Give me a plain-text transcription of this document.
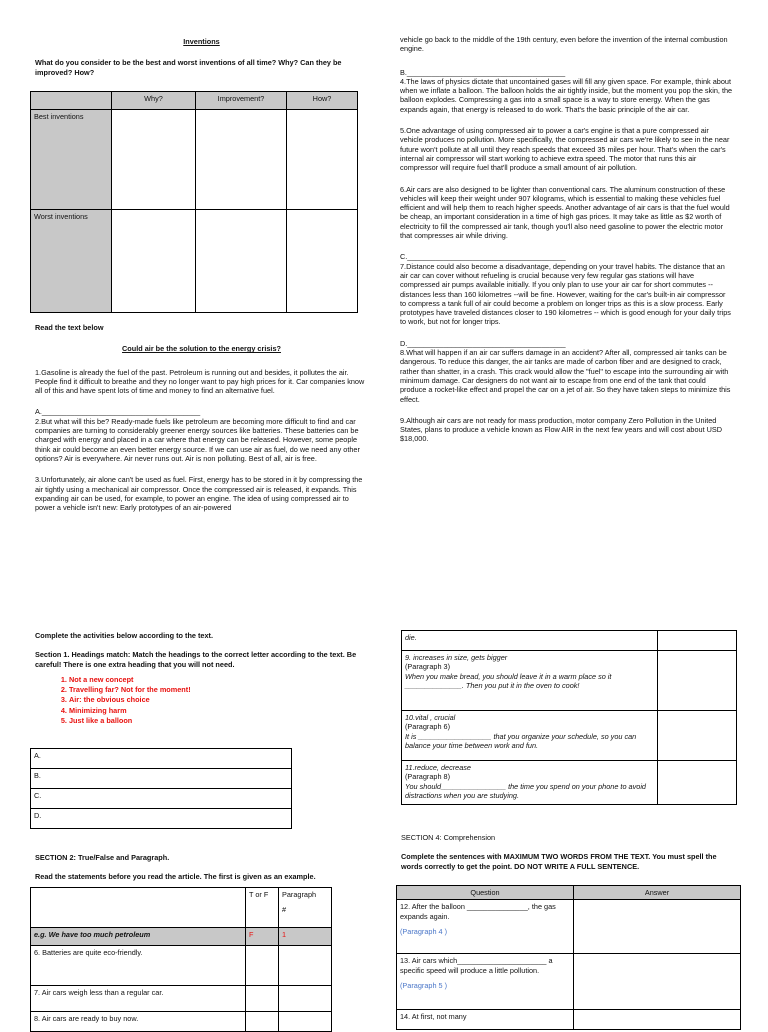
Inventions
What do you consider to be the best and worst inventions of all time? Why? Can they be improved? How?
	Why?	Improvement?	How?
Best inventions			
Worst inventions			
Read the text below
Could air be the solution to the energy crisis?

1.Gasoline is already the fuel of the past. Petroleum is running out and besides, it pollutes the air. People find it difficult to breathe and they no longer want to pay high prices for it. Car companies know all of this and have spent lots of time and money to find an alternative fuel.

A._______________________________________

2.But what will this be? Ready-made fuels like petroleum are becoming more difficult to find and car companies are turning to considerably greener energy sources like batteries. These batteries can be charged with energy and placed in a car where that energy can be released. However, some people think air could become an even better energy source. If we can use air as fuel, do we need any other options? Air is everywhere. Air never runs out. Air is non polluting. Best of all, air is free.

3.Unfortunately, air alone can't be used as fuel. First, energy has to be stored in it by compressing the air tightly using a mechanical air compressor. Once the compressed air is released, it expands. This expanding air can be used, for example, to power an engine. The idea of using compressed air to power a vehicle isn't new: Early prototypes of an air-powered

vehicle go back to the middle of the 19th century, even before the invention of the internal combustion engine.

B._______________________________________

4.The laws of physics dictate that uncontained gases will fill any given space. For example, think about when we inflate a balloon. The balloon holds the air tightly inside, but the moment you pop the skin, the balloon explodes. Compressing a gas into a small space is a way to store energy. When the gas expands again, that energy is released to do work. That's the basic principle of the air car.

5.One advantage of using compressed air to power a car's engine is that a pure compressed air vehicle produces no pollution. More specifically, the compressed air cars we're likely to see in the near future won't pollute at all until they reach speeds that exceed 35 miles per hour. That's when the car's internal air compressor will start working to achieve extra speed. The motor that runs this air compressor will require fuel that'll produce a small amount of air pollution.

6.Air cars are also designed to be lighter than conventional cars. The aluminum construction of these vehicles will keep their weight under 907 kilograms, which is essential to making these vehicles fuel efficient and will help them to reach higher speeds. Another advantage of air cars is that the fuel would be cheap, an important consideration in a time of high gas prices. It may take as little as $2 worth of electricity to fill the compressed air tank, though you'll also need gasoline to power the electric motor that compresses air while driving.

C._______________________________________

7.Distance could also become a disadvantage, depending on your travel habits. The distance that an air car can cover without refueling is crucial because very few regular gas stations will have compressed air pumps available initially. If you only plan to use your air car for short commutes -- distances less than 160 kilometres --will be fine. However, waiting for the car's built-in air compressor to compress a tank full of air could become a problem on longer trips as this is a slow process. Early prototypes have traveled distances closer to 190 kilometres -- which is good enough for your daily trips to work, but not for longer trips.

D._______________________________________

8.What will happen if an air car suffers damage in an accident? After all, compressed air tanks can be dangerous. To reduce this danger, the air tanks are made of carbon fiber and are designed to crack, rather than shatter, in a crash. This crack would allow the "fuel" to escape into the surrounding air with minimum damage. Car designers do not want air to escape from one end of the tank that could produce a rocket-like effect and propel the car on a jet of air. So they have taken steps to minimize this effect.

9.Although air cars are not ready for mass production, motor company Zero Pollution in the United States, plans to produce a vehicle known as Flow AIR in the next few years and will cost about USD $18,000.

Complete the activities below according to the text.
Section 1. Headings match: Match the headings to the correct letter according to the text. Be careful! There is one extra heading that you will not need.
1. Not a new concept
2. Travelling far? Not for the moment!
3. Air: the obvious choice
4. Minimizing harm
5. Just like a balloon
A.
B.
C.
D.
SECTION 2: True/False and Paragraph.
Read the statements before you read the article. The first is given as an example.
	T or F	Paragraph
#

e.g. We have too much petroleum	F	1
6. Batteries are quite eco-friendly.		
7. Air cars weigh less than a regular car.		
8. Air cars are ready to buy now.		
die.	

9. increases in size, gets bigger
(Paragraph 3)
When you make bread, you should leave it in a warm place so it ______________. Then you put it in the oven to cook!	

10.vital , crucial
(Paragraph 6)
It is __________________ that you organize your schedule, so you can balance your time between work and fun.	

11.reduce, decrease
(Paragraph 8)
You should________________ the time you spend on your phone to avoid distractions when you are studying.	

SECTION 4: Comprehension
Complete the sentences with MAXIMUM TWO WORDS FROM THE TEXT. You must spell the words correctly to get the point. DO NOT WRITE A FULL SENTENCE.
Question	Answer

12. After the balloon _______________, the gas expands again.
(Paragraph 4 )	

13. Air cars which______________________ a specific speed will produce a little pollution.
(Paragraph 5 )	

14. At first, not many	
